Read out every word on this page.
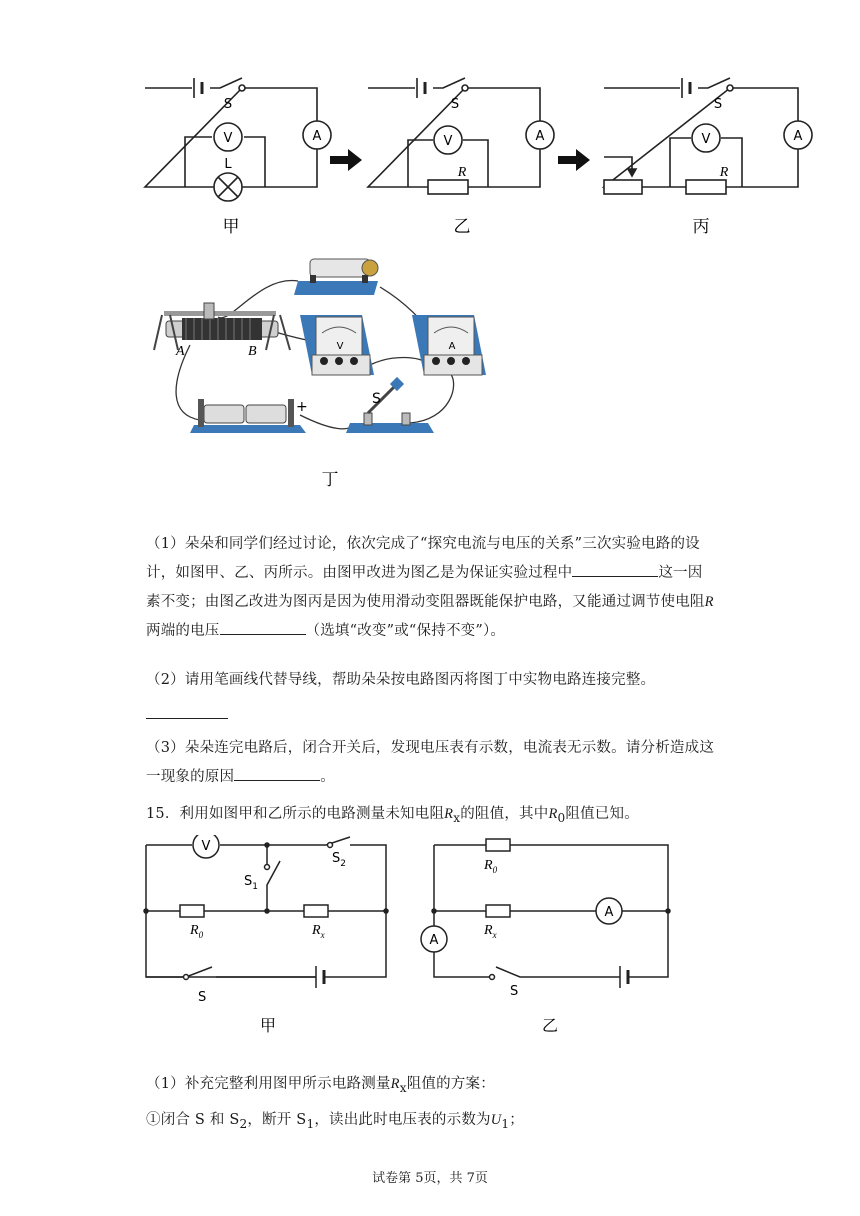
S
V
L
A
S
V
R
A
S
V
R
A
甲	乙	丙
A	B
+	S
V	A
丁
（1）朵朵和同学们经过讨论，依次完成了“探究电流与电压的关系”三次实验电路的设计，如图甲、乙、丙所示。由图甲改进为图乙是为保证实验过程中	这一因素不变；由图乙改进为图丙是因为使用滑动变阻器既能保护电路，又能通过调节使电阻R两端的电压	（选填“改变”或“保持不变”）。
（2）请用笔画线代替导线，帮助朵朵按电路图丙将图丁中实物电路连接完整。
（3）朵朵连完电路后，闭合开关后，发现电压表有示数，电流表无示数。请分析造成这一现象的原因	。
15．利用如图甲和乙所示的电路测量未知电阻$R_x$的阻值，其中$R_0$阻值已知。
V
$S_2$
$S_1$
$R_0$	$R_x$
S
$R_0$
$R_x$
A
A
S
甲	乙
（1）补充完整利用图甲所示电路测量$R_x$阻值的方案：
①闭合 S 和 $S_2$，断开 $S_1$，读出此时电压表的示数为$U_1$；
试卷第 5页，共 7页
